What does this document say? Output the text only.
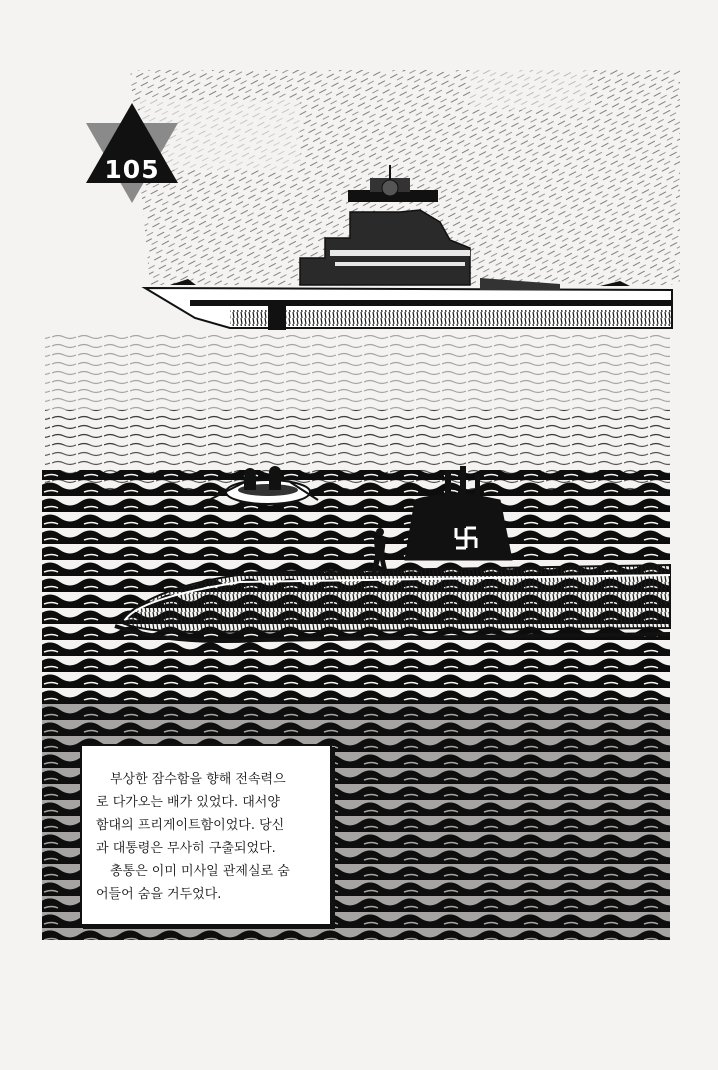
105
부상한 잠수함을 향해 전속력으
로 다가오는 배가 있었다. 대서양
함대의 프리게이트함이었다. 당신
과 대통령은 무사히 구출되었다.
총통은 이미 미사일 관제실로 숨
어들어 숨을 거두었다.
